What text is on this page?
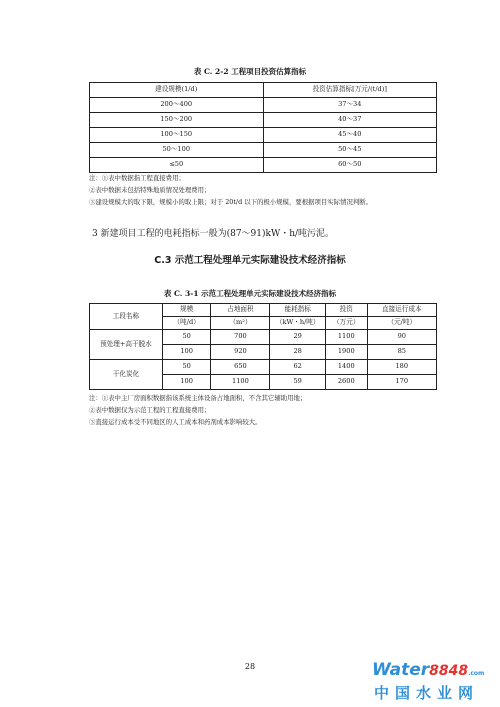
表 C. 2-2 工程项目投资估算指标
建设规模(1/d)	投资估算指标[万元/(t/d)]
200～400	37～34
150～200	40～37
100～150	45～40
50～100	50～45
≤50	60～50
注：①表中数据指工程直接费用；
②表中数据未包括特殊地质情况处理费用；
③建设规模大的取下限，规模小的取上限；对于 20t/d 以下的极小规模，要根据项目实际情况判断。
3 新建项目工程的电耗指标一般为(87～91)kW・h/吨污泥。
C.3 示范工程处理单元实际建设技术经济指标
表 C. 3-1 示范工程处理单元实际建设技术经济指标
工段名称	规模	占地面积	能耗指标	投资	直接运行成本
	（吨/d）	（m²）	（kW・h/吨）	（万元）	（元/吨）
预处理+高干脱水	50	700	29	1100	90
	100	920	28	1900	85
干化炭化	50	650	62	1400	180
	100	1100	59	2600	170
注：①表中主厂房面积数据指该系统主体设备占地面积，不含其它辅助用地；
②表中数据仅为示范工程的工程直接费用；
③直接运行成本受不同地区的人工成本和药剂成本影响较大。
28	Water8848.com
中国水业网
